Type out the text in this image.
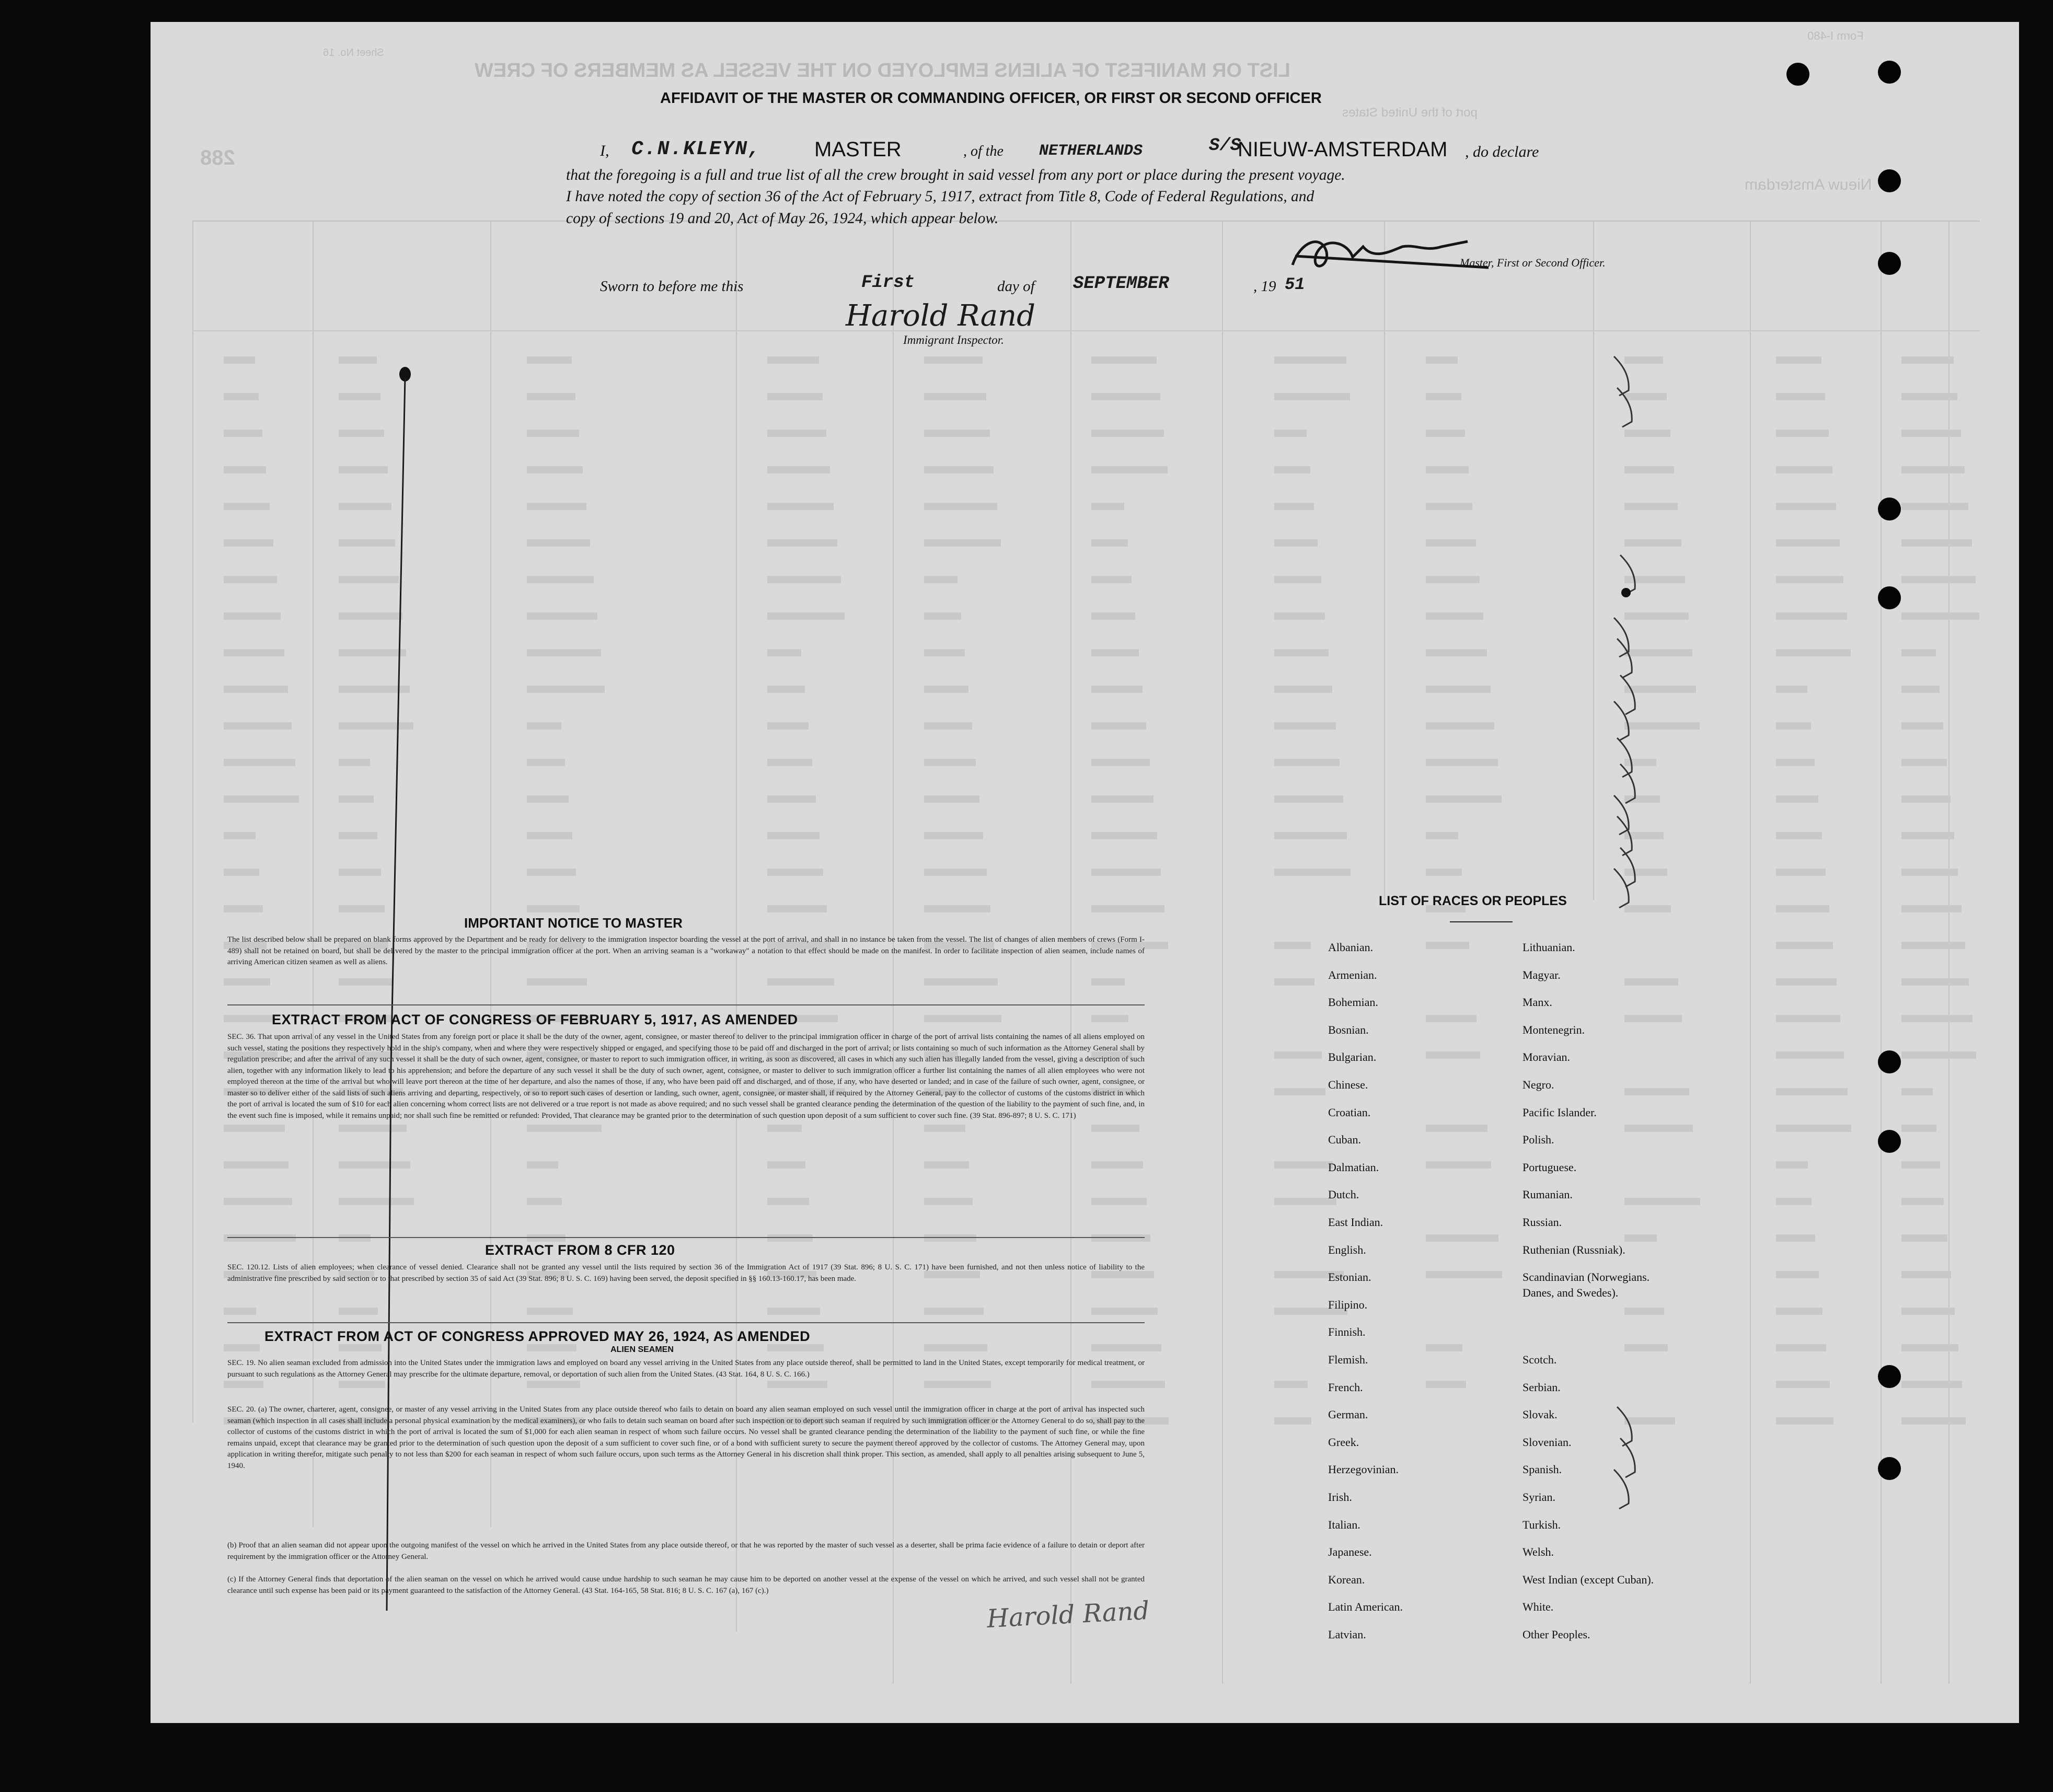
LIST OR MANIFEST OF ALIENS EMPLOYED ON THE VESSEL AS MEMBERS OF CREW
Form I-480
Sheet No. 16
port of the United States
Nieuw Amsterdam
288
AFFIDAVIT OF THE MASTER OR COMMANDING OFFICER, OR FIRST OR SECOND OFFICER
I, C.N.KLEYN,	MASTER	, of the NETHERLANDS	S/S
NIEUW-AMSTERDAM , do declare
that the foregoing is a full and true list of all the crew brought in said vessel from any port or place during the present voyage.
I have noted the copy of section 36 of the Act of February 5, 1917, extract from Title 8, Code of Federal Regulations, and
copy of sections 19 and 20, Act of May 26, 1924, which appear below.
Master, First or Second Officer.
Sworn to before me this	First	day of SEPTEMBER	, 19 51
Harold Rand
Immigrant Inspector.
IMPORTANT NOTICE TO MASTER
The list described below shall be prepared on blank forms approved by the Department and be ready for delivery to the immigration inspector boarding the vessel at the port of arrival, and shall in no instance be taken from the vessel. The list of changes of alien members of crews (Form I-489) shall not be retained on board, but shall be delivered by the master to the principal immigration officer at the port. When an arriving seaman is a "workaway" a notation to that effect should be made on the manifest. In order to facilitate inspection of alien seamen, include names of arriving American citizen seamen as well as aliens.
EXTRACT FROM ACT OF CONGRESS OF FEBRUARY 5, 1917, AS AMENDED
SEC. 36. That upon arrival of any vessel in the United States from any foreign port or place it shall be the duty of the owner, agent, consignee, or master thereof to deliver to the principal immigration officer in charge of the port of arrival lists containing the names of all aliens employed on such vessel, stating the positions they respectively hold in the ship's company, when and where they were respectively shipped or engaged, and specifying those to be paid off and discharged in the port of arrival; or lists containing so much of such information as the Attorney General shall by regulation prescribe; and after the arrival of any such vessel it shall be the duty of such owner, agent, consignee, or master to report to such immigration officer, in writing, as soon as discovered, all cases in which any such alien has illegally landed from the vessel, giving a description of such alien, together with any information likely to lead to his apprehension; and before the departure of any such vessel it shall be the duty of such owner, agent, consignee, or master to deliver to such immigration officer a further list containing the names of all alien employees who were not employed thereon at the time of the arrival but who will leave port thereon at the time of her departure, and also the names of those, if any, who have been paid off and discharged, and of those, if any, who have deserted or landed; and in case of the failure of such owner, agent, consignee, or master so to deliver either of the said lists of such aliens arriving and departing, respectively, or so to report such cases of desertion or landing, such owner, agent, consignee, or master shall, if required by the Attorney General, pay to the collector of customs of the customs district in which the port of arrival is located the sum of $10 for each alien concerning whom correct lists are not delivered or a true report is not made as above required; and no such vessel shall be granted clearance pending the determination of the question of the liability to the payment of such fine, and, in the event such fine is imposed, while it remains unpaid; nor shall such fine be remitted or refunded: Provided, That clearance may be granted prior to the determination of such question upon deposit of a sum sufficient to cover such fine. (39 Stat. 896-897; 8 U. S. C. 171)
EXTRACT FROM 8 CFR 120
SEC. 120.12. Lists of alien employees; when clearance of vessel denied. Clearance shall not be granted any vessel until the lists required by section 36 of the Immigration Act of 1917 (39 Stat. 896; 8 U. S. C. 171) have been furnished, and not then unless notice of liability to the administrative fine prescribed by said section or to that prescribed by section 35 of said Act (39 Stat. 896; 8 U. S. C. 169) having been served, the deposit specified in §§ 160.13-160.17, has been made.
EXTRACT FROM ACT OF CONGRESS APPROVED MAY 26, 1924, AS AMENDED
ALIEN SEAMEN
SEC. 19. No alien seaman excluded from admission into the United States under the immigration laws and employed on board any vessel arriving in the United States from any place outside thereof, shall be permitted to land in the United States, except temporarily for medical treatment, or pursuant to such regulations as the Attorney General may prescribe for the ultimate departure, removal, or deportation of such alien from the United States. (43 Stat. 164, 8 U. S. C. 166.)
SEC. 20. (a) The owner, charterer, agent, consignee, or master of any vessel arriving in the United States from any place outside thereof who fails to detain on board any alien seaman employed on such vessel until the immigration officer in charge at the port of arrival has inspected such seaman (which inspection in all cases shall include a personal physical examination by the medical examiners), or who fails to detain such seaman on board after such inspection or to deport such seaman if required by such immigration officer or the Attorney General to do so, shall pay to the collector of customs of the customs district in which the port of arrival is located the sum of $1,000 for each alien seaman in respect of whom such failure occurs. No vessel shall be granted clearance pending the determination of the liability to the payment of such fine, or while the fine remains unpaid, except that clearance may be granted prior to the determination of such question upon the deposit of a sum sufficient to cover such fine, or of a bond with sufficient surety to secure the payment thereof approved by the collector of customs. The Attorney General may, upon application in writing therefor, mitigate such penalty to not less than $200 for each seaman in respect of whom such failure occurs, upon such terms as the Attorney General in his discretion shall think proper. This section, as amended, shall apply to all penalties arising subsequent to June 5, 1940.
(b) Proof that an alien seaman did not appear upon the outgoing manifest of the vessel on which he arrived in the United States from any place outside thereof, or that he was reported by the master of such vessel as a deserter, shall be prima facie evidence of a failure to detain or deport after requirement by the immigration officer or the Attorney General.
(c) If the Attorney General finds that deportation of the alien seaman on the vessel on which he arrived would cause undue hardship to such seaman he may cause him to be deported on another vessel at the expense of the vessel on which he arrived, and such vessel shall not be granted clearance until such expense has been paid or its payment guaranteed to the satisfaction of the Attorney General. (43 Stat. 164-165, 58 Stat. 816; 8 U. S. C. 167 (a), 167 (c).)
Harold Rand
LIST OF RACES OR PEOPLES
Albanian.
Armenian.
Bohemian.
Bosnian.
Bulgarian.
Chinese.
Croatian.
Cuban.
Dalmatian.
Dutch.
East Indian.
English.
Estonian.
Filipino.
Finnish.
Flemish.
French.
German.
Greek.
Herzegovinian.
Irish.
Italian.
Japanese.
Korean.
Latin American.
Latvian.
Lithuanian.
Magyar.
Manx.
Montenegrin.
Moravian.
Negro.
Pacific Islander.
Polish.
Portuguese.
Rumanian.
Russian.
Ruthenian (Russniak).
Scandinavian (Norwegians.
Danes, and Swedes).
Scotch.
Serbian.
Slovak.
Slovenian.
Spanish.
Syrian.
Turkish.
Welsh.
West Indian (except Cuban).
White.
Other Peoples.
